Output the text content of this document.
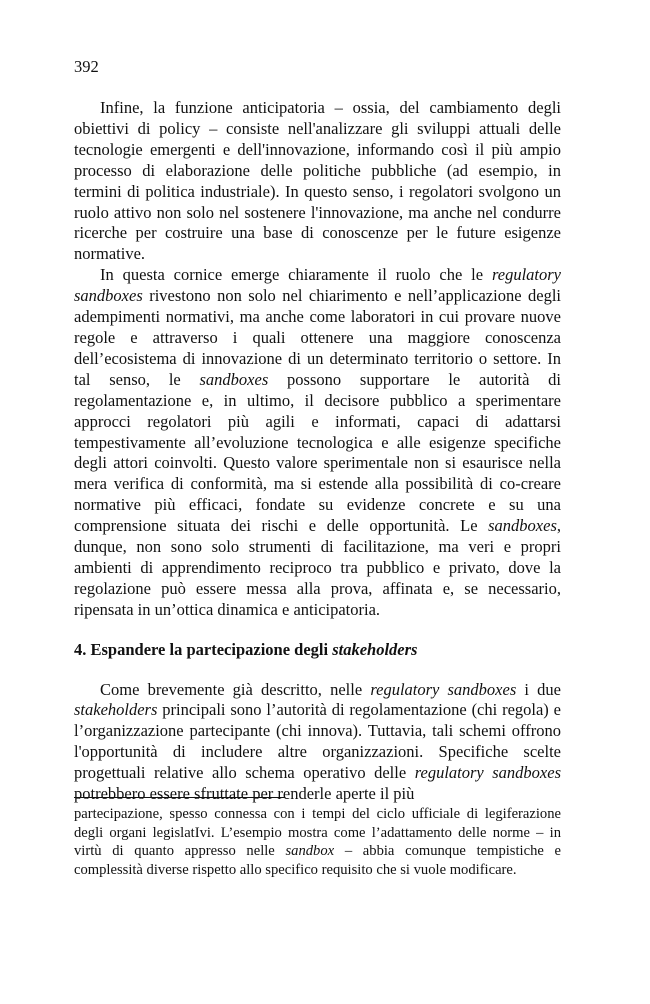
392

Infine, la funzione anticipatoria – ossia, del cambiamento degli obiettivi di policy – consiste nell'analizzare gli sviluppi attuali delle tecnologie emergenti e dell'innovazione, informando così il più ampio processo di elaborazione delle politiche pubbliche (ad esempio, in termini di politica industriale). In questo senso, i regolatori svolgono un ruolo attivo non solo nel sostenere l'innovazione, ma anche nel condurre ricerche per costruire una base di conoscenze per le future esigenze normative.

In questa cornice emerge chiaramente il ruolo che le regulatory sandboxes rivestono non solo nel chiarimento e nell’applicazione degli adempimenti normativi, ma anche come laboratori in cui provare nuove regole e attraverso i quali ottenere una maggiore conoscenza dell’ecosistema di innovazione di un determinato territorio o settore. In tal senso, le sandboxes possono supportare le autorità di regolamentazione e, in ultimo, il decisore pubblico a sperimentare approcci regolatori più agili e informati, capaci di adattarsi tempestivamente all’evoluzione tecnologica e alle esigenze specifiche degli attori coinvolti. Questo valore sperimentale non si esaurisce nella mera verifica di conformità, ma si estende alla possibilità di co-creare normative più efficaci, fondate su evidenze concrete e su una comprensione situata dei rischi e delle opportunità. Le sandboxes, dunque, non sono solo strumenti di facilitazione, ma veri e propri ambienti di apprendimento reciproco tra pubblico e privato, dove la regolazione può essere messa alla prova, affinata e, se necessario, ripensata in un’ottica dinamica e anticipatoria.

4. Espandere la partecipazione degli stakeholders

Come brevemente già descritto, nelle regulatory sandboxes i due stakeholders principali sono l’autorità di regolamentazione (chi regola) e l’organizzazione partecipante (chi innova). Tuttavia, tali schemi offrono l'opportunità di includere altre organizzazioni. Specifiche scelte progettuali relative allo schema operativo delle regulatory sandboxes potrebbero essere sfruttate per renderle aperte il più

partecipazione, spesso connessa con i tempi del ciclo ufficiale di legiferazione degli organi legislatIvi. L’esempio mostra come l’adattamento delle norme – in virtù di quanto appresso nelle sandbox – abbia comunque tempistiche e complessità diverse rispetto allo specifico requisito che si vuole modificare.
